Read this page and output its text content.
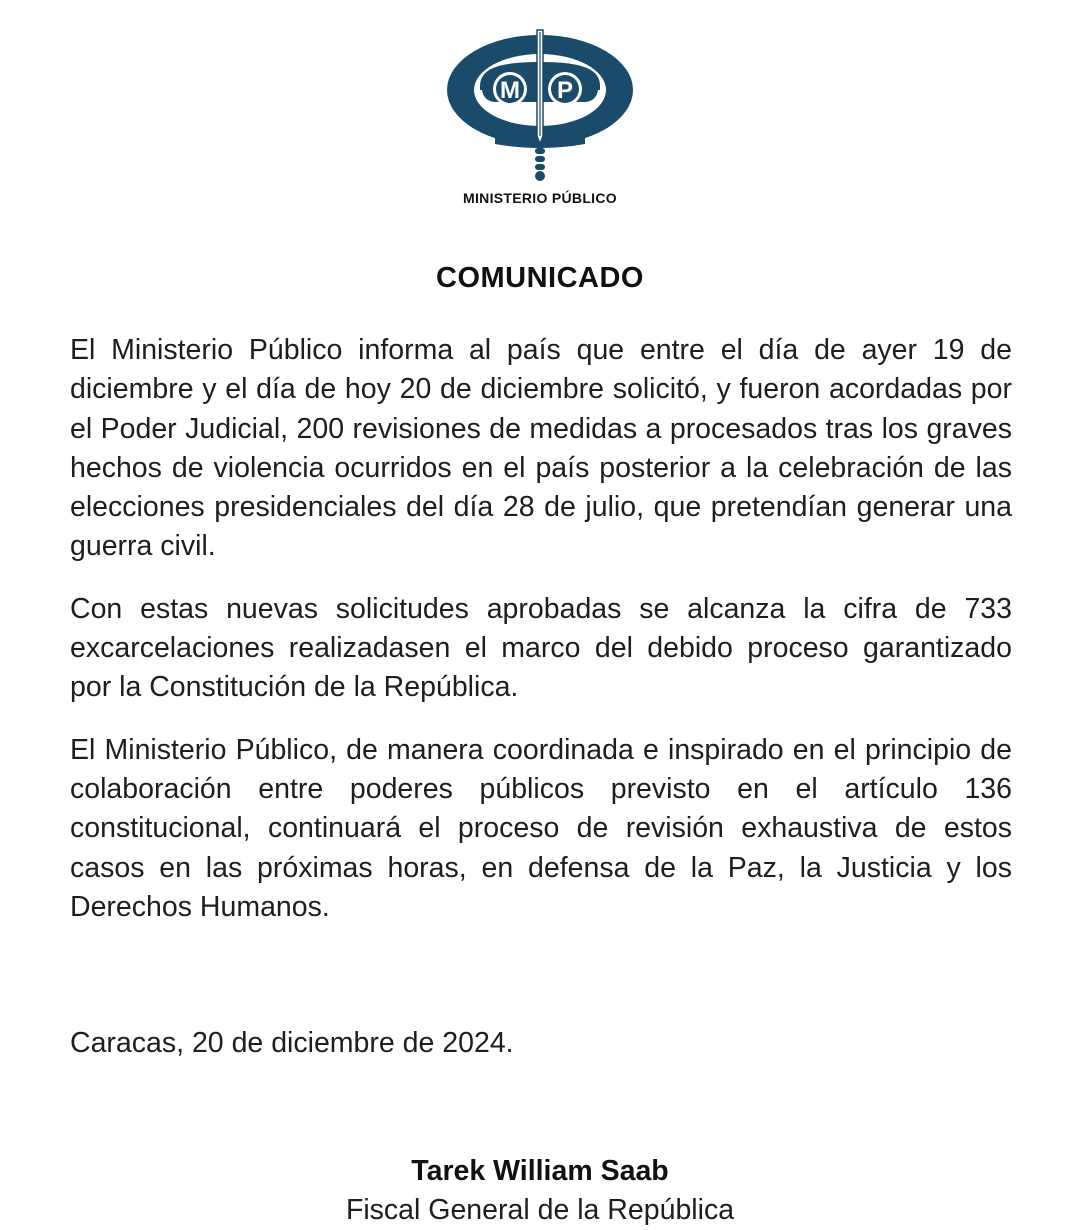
M P
MINISTERIO PÚBLICO
COMUNICADO

El Ministerio Público informa al país que entre el día de ayer 19 de diciembre y el día de hoy 20 de diciembre solicitó, y fueron acordadas por el Poder Judicial, 200 revisiones de medidas a procesados tras los graves hechos de violencia ocurridos en el país posterior a la celebración de las elecciones presidenciales del día 28 de julio, que pretendían generar una guerra civil.

Con estas nuevas solicitudes aprobadas se alcanza la cifra de 733 excarcelaciones realizadasen el marco del debido proceso garantizado por la Constitución de la República.

El Ministerio Público, de manera coordinada e inspirado en el principio de colaboración entre poderes públicos previsto en el artículo 136 constitucional, continuará el proceso de revisión exhaustiva de estos casos en las próximas horas, en defensa de la Paz, la Justicia y los Derechos Humanos.

Caracas, 20 de diciembre de 2024.
Tarek William Saab
Fiscal General de la República
